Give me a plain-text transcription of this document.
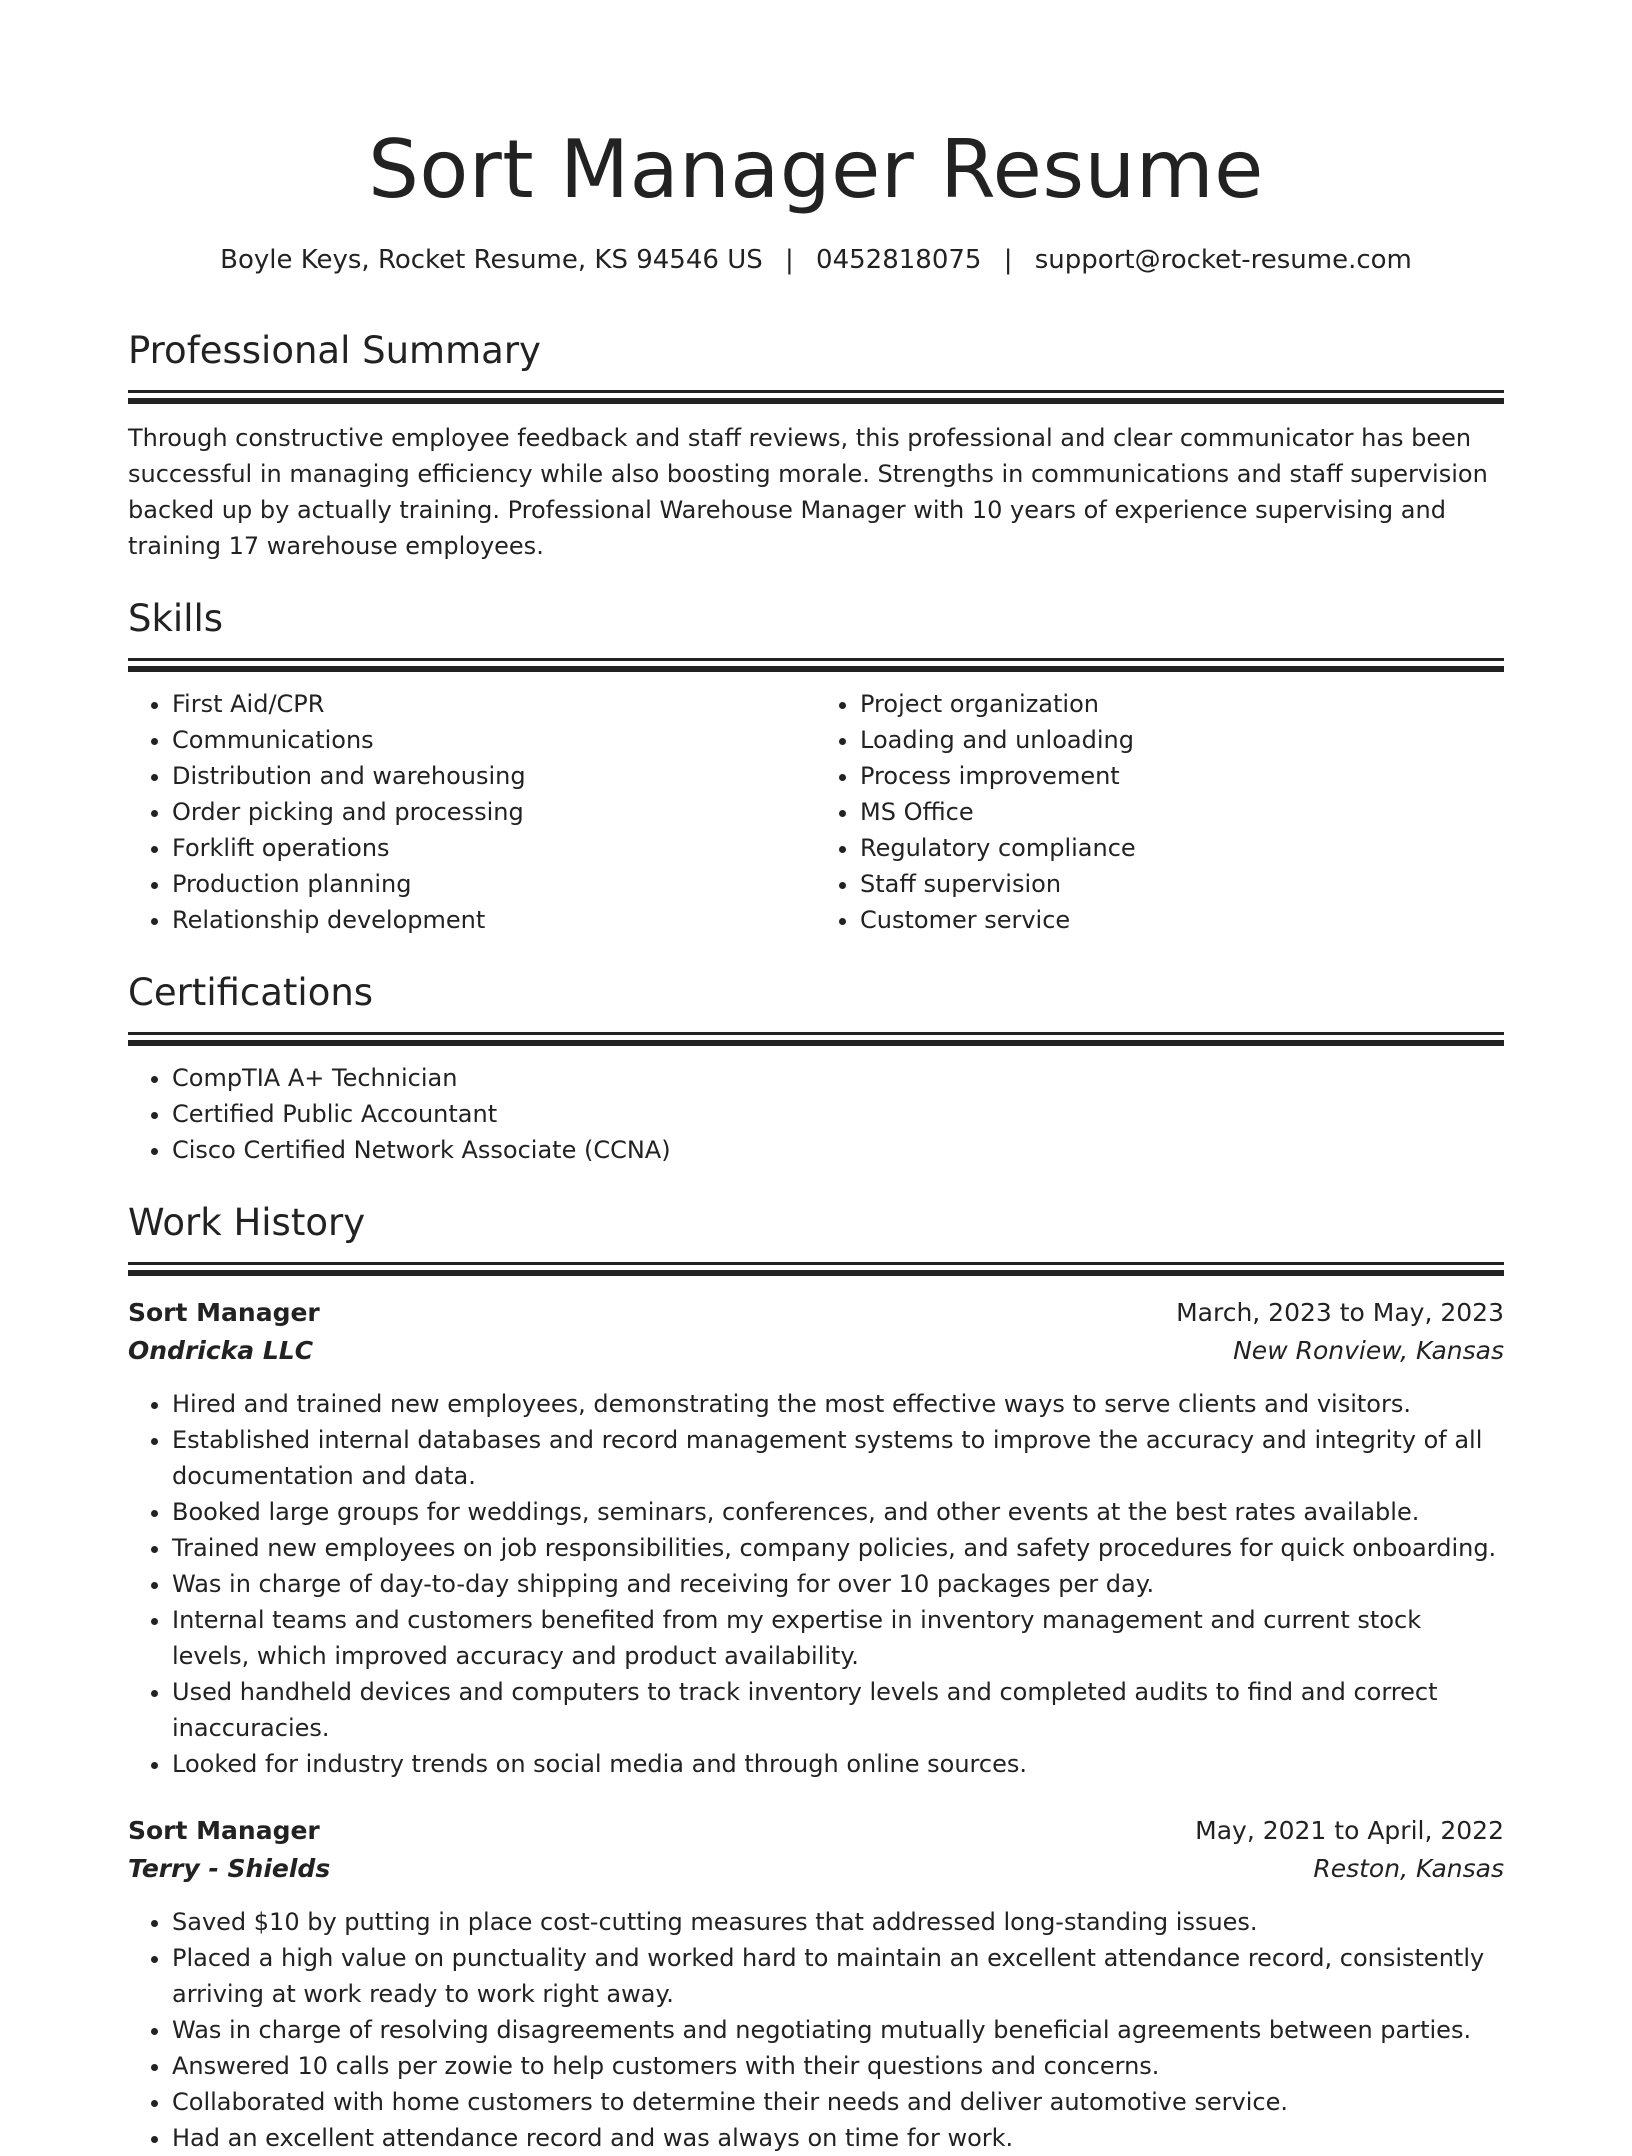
Sort Manager Resume
Boyle Keys, Rocket Resume, KS 94546 US | 0452818075 | support@rocket-resume.com
Professional Summary
Through constructive employee feedback and staff reviews, this professional and clear communicator has been successful in managing efficiency while also boosting morale. Strengths in communications and staff supervision backed up by actually training. Professional Warehouse Manager with 10 years of experience supervising and training 17 warehouse employees.
Skills
• First Aid/CPR
• Communications
• Distribution and warehousing
• Order picking and processing
• Forklift operations
• Production planning
• Relationship development
• Project organization
• Loading and unloading
• Process improvement
• MS Office
• Regulatory compliance
• Staff supervision
• Customer service
Certifications
• CompTIA A+ Technician
• Certified Public Accountant
• Cisco Certified Network Associate (CCNA)
Work History
Sort Manager	March, 2023 to May, 2023
Ondricka LLC	New Ronview, Kansas
• Hired and trained new employees, demonstrating the most effective ways to serve clients and visitors.
• Established internal databases and record management systems to improve the accuracy and integrity of all documentation and data.
• Booked large groups for weddings, seminars, conferences, and other events at the best rates available.
• Trained new employees on job responsibilities, company policies, and safety procedures for quick onboarding.
• Was in charge of day-to-day shipping and receiving for over 10 packages per day.
• Internal teams and customers benefited from my expertise in inventory management and current stock levels, which improved accuracy and product availability.
• Used handheld devices and computers to track inventory levels and completed audits to find and correct inaccuracies.
• Looked for industry trends on social media and through online sources.
Sort Manager	May, 2021 to April, 2022
Terry - Shields	Reston, Kansas
• Saved $10 by putting in place cost-cutting measures that addressed long-standing issues.
• Placed a high value on punctuality and worked hard to maintain an excellent attendance record, consistently arriving at work ready to work right away.
• Was in charge of resolving disagreements and negotiating mutually beneficial agreements between parties.
• Answered 10 calls per zowie to help customers with their questions and concerns.
• Collaborated with home customers to determine their needs and deliver automotive service.
• Had an excellent attendance record and was always on time for work.
